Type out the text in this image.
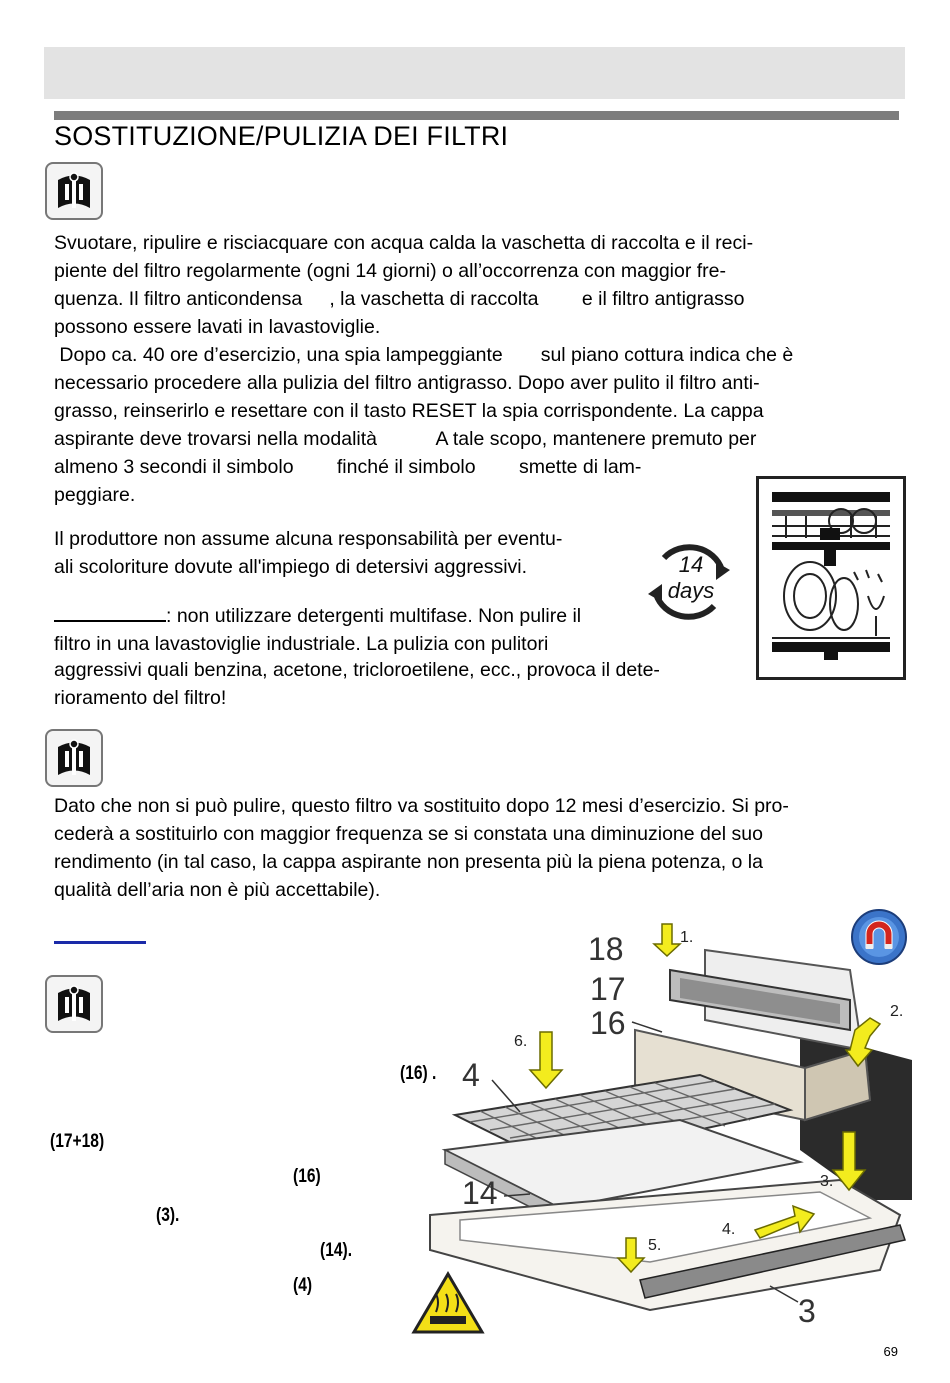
SOSTITUZIONE/PULIZIA DEI FILTRI

Svuotare, ripulire e risciacquare con acqua calda la vaschetta di raccolta e il reci-

piente del filtro regolarmente (ogni 14 giorni) o all’occorrenza con maggior fre-

quenza. Il filtro anticondensa     , la vaschetta di raccolta        e il filtro antigrasso

possono essere lavati in lavastoviglie.

Dopo ca. 40 ore d’esercizio, una spia lampeggiante       sul piano cottura indica che è

necessario procedere alla pulizia del filtro antigrasso. Dopo aver pulito il filtro anti-

grasso, reinserirlo e resettare con il tasto RESET la spia corrispondente. La cappa

aspirante deve trovarsi nella modalità           A tale scopo, mantenere premuto per

almeno 3 secondi il simbolo        finché il simbolo        smette di lam-

peggiare.

Il produttore non assume alcuna responsabilità per eventu-

ali scoloriture dovute all'impiego di detersivi aggressivi.

: non utilizzare detergenti multifase. Non pulire il

filtro in una lavastoviglie industriale. La pulizia con pulitori

aggressivi quali benzina, acetone, tricloroetilene, ecc., provoca il dete-

rioramento del filtro!

14
days

Dato che non si può pulire, questo filtro va sostituito dopo 12 mesi d’esercizio. Si pro-

cederà a sostituirlo con maggior frequenza se si constata una diminuzione del suo

rendimento (in tal caso, la cappa aspirante non presenta più la piena potenza, o la

qualità dell’aria non è più accettabile).

(16) .
(17+18)
(16)
(3).
(14).
(4)
1.
2.
3.
4.
5.
6.
18
17
16
4
14
3
69
